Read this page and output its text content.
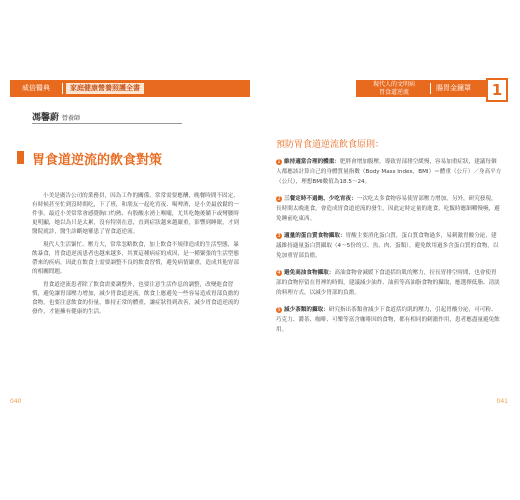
威倍醫典	家庭健康營養照護全書
馮馨蔚 營養師
胃食道逆流的飲食對策

小美是廣告公司的業務員，因為工作的關係，常常需要應酬，晚餐時間不固定，有時候甚至忙到沒時間吃，下了班，和朋友一起吃宵夜、喝啤酒，是小美最放鬆的一件事。最近小美常常會感覺胸口灼熱、有股酸水湧上喉嚨，尤其吃飽後躺下或彎腰時更明顯，她以為只是太累，沒有特別在意，直到症狀越來越嚴重，影響到睡眠，才到醫院就診，醫生診斷她罹患了胃食道逆流。

現代人生活緊忙、壓力大，常常忽略飲食，加上飲食不規律造成的生活型態，暴飲暴食，胃食道逆流患者也越來越多，其實這種病症的成因，是一種緊張的生活型態帶來的疾病，因此在飲食上需要調整不良的飲食習慣，避免病情嚴重，造成其他胃部的相關問題。

胃食道逆流患者除了飲食需要調整外，也要注意生活作息的調整，改變進食習慣，避免讓胃部壓力增加，減少胃食道逆流，飲食上應避免一些容易造成胃部負擔的食物，也要注意飲食的份量，維持正常的體重，讓症狀得到改善，減少胃食道逆流的發作，才能擁有健康的生活。

040
現代人的文明病
胃食道逆流	腸胃金鐘罩	1
預防胃食道逆流飲食原則：
1 維持適當合理的體重：肥胖會增加腹壓，導致胃部排空緩慢，容易加重症狀，建議每個人都應該計算自己的身體質量指數（Body Mass Index，BMI）＝體重（公斤）／身高平方（公尺），理想BMI數值為18.5～24。
2 三餐定時不過飽、少吃宵夜：一次吃太多食物容易使胃部壓力增加，另外，研究發現，長時間太晚進食，會造成胃食道逆流的發生，因此定時定量的進食，吃飯時應細嚼慢嚥，避免睡前吃東西。
3 適量的蛋白質食物攝取：胃酸主要消化蛋白質，蛋白質食物過多，易刺激胃酸分泌，建議維持適量蛋白質攝取（4～5份的豆、魚、肉、蛋類），避免飲用過多含蛋白質的食物，以免加重胃部負擔。
4 避免高油食物攝取：高油食物會減緩下食道括約肌的壓力，拉長胃排空時間，也會使胃部的食物停留在胃裡的時間，建議減少油炸、油煎等高油脂食物的攝取，應選擇低脂、清淡的料理方式，以減少胃部的負擔。
5 減少茶類的攝取：研究指出茶類會減少下食道括約肌的壓力，引起胃酸分泌，可可粉、巧克力、濃茶、咖啡、可樂等富含咖啡因的食物，都有相同的刺激作用，患者應盡量避免飲用。
041
